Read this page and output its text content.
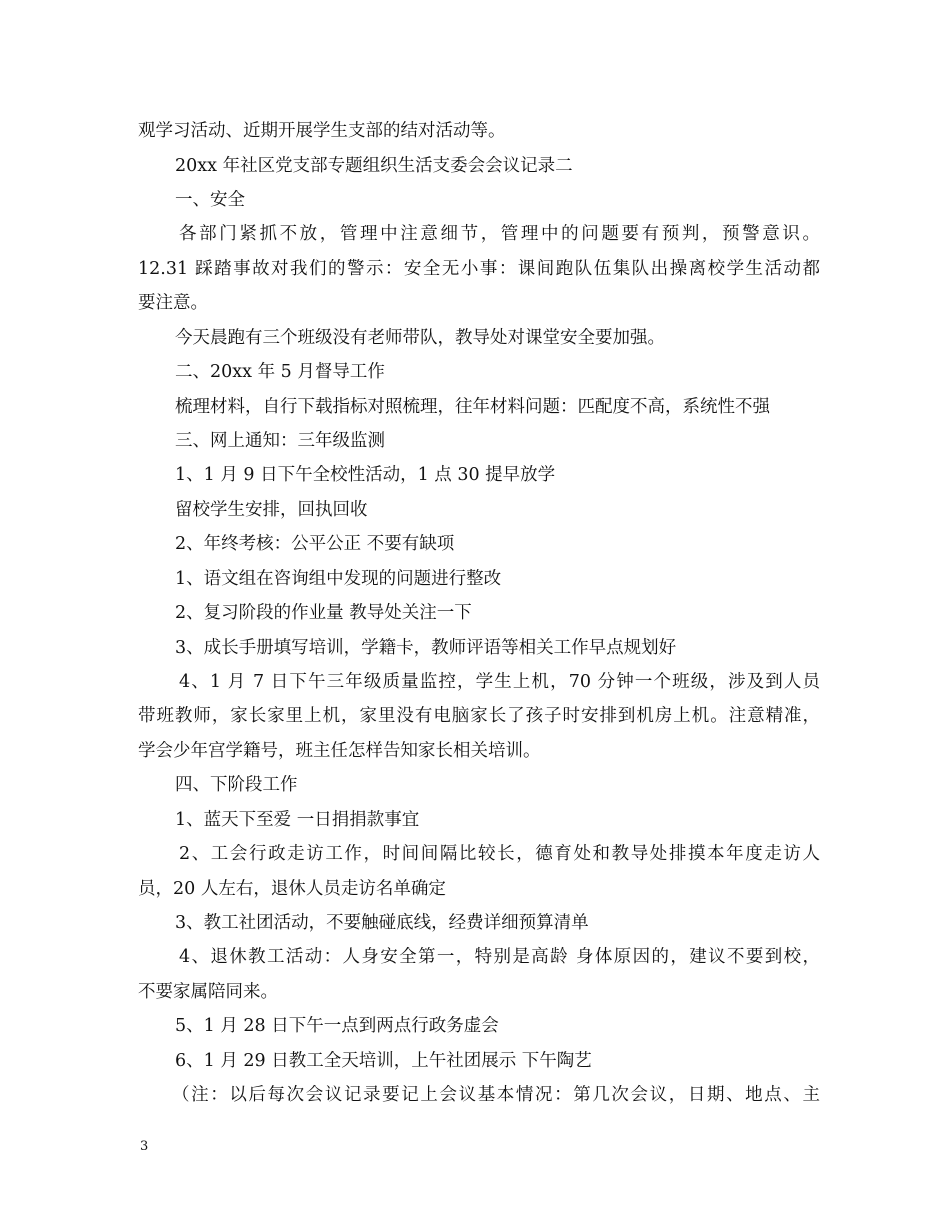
观学习活动、近期开展学生支部的结对活动等。
20xx 年社区党支部专题组织生活支委会会议记录二
一、安全
各部门紧抓不放，管理中注意细节，管理中的问题要有预判，预警意识。
12.31 踩踏事故对我们的警示：安全无小事：课间跑队伍集队出操离校学生活动都
要注意。
今天晨跑有三个班级没有老师带队，教导处对课堂安全要加强。
二、20xx 年 5 月督导工作
梳理材料，自行下载指标对照梳理，往年材料问题：匹配度不高，系统性不强
三、网上通知：三年级监测
1、1 月 9 日下午全校性活动，1 点 30 提早放学
留校学生安排，回执回收
2、年终考核：公平公正 不要有缺项
1、语文组在咨询组中发现的问题进行整改
2、复习阶段的作业量 教导处关注一下
3、成长手册填写培训，学籍卡，教师评语等相关工作早点规划好
4、1 月 7 日下午三年级质量监控，学生上机，70 分钟一个班级，涉及到人员
带班教师，家长家里上机，家里没有电脑家长了孩子时安排到机房上机。注意精准，
学会少年宫学籍号，班主任怎样告知家长相关培训。
四、下阶段工作
1、蓝天下至爱 一日捐捐款事宜
2、工会行政走访工作，时间间隔比较长，德育处和教导处排摸本年度走访人
员，20 人左右，退休人员走访名单确定
3、教工社团活动，不要触碰底线，经费详细预算清单
4、退休教工活动：人身安全第一，特别是高龄 身体原因的，建议不要到校，
不要家属陪同来。
5、1 月 28 日下午一点到两点行政务虚会
6、1 月 29 日教工全天培训，上午社团展示 下午陶艺
（注：以后每次会议记录要记上会议基本情况：第几次会议，日期、地点、主
3
